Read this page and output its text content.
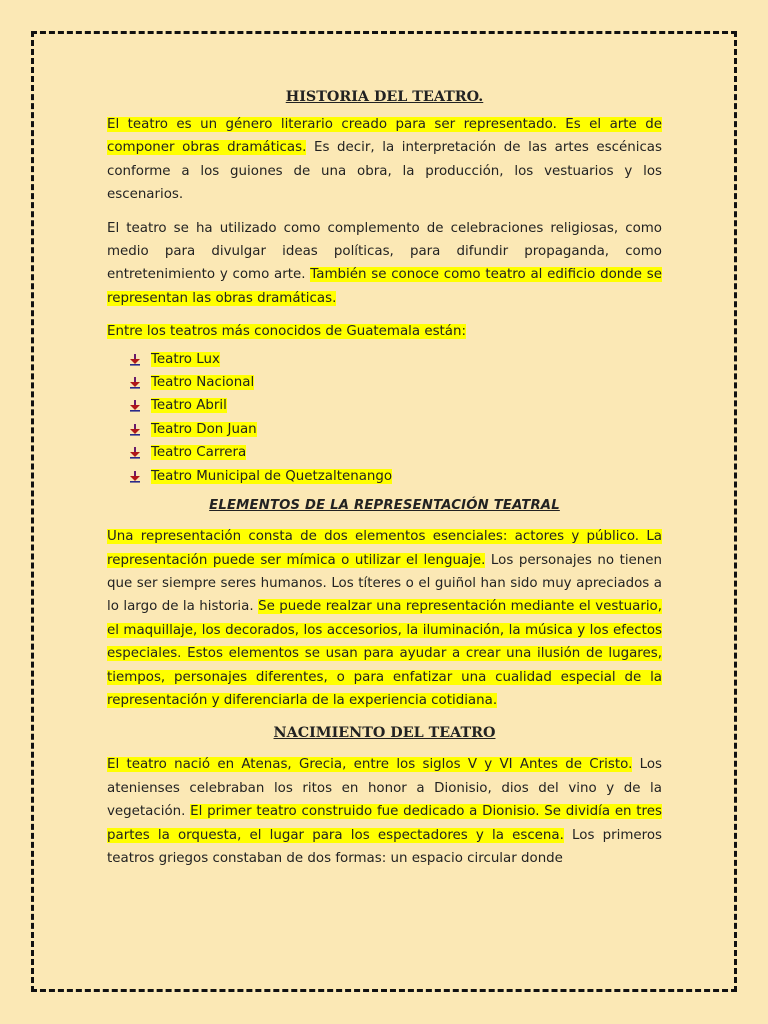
HISTORIA DEL TEATRO.

El teatro es un género literario creado para ser representado. Es el arte de componer obras dramáticas. Es decir, la interpretación de las artes escénicas conforme a los guiones de una obra, la producción, los vestuarios y los escenarios.

El teatro se ha utilizado como complemento de celebraciones religiosas, como medio para divulgar ideas políticas, para difundir propaganda, como entretenimiento y como arte. También se conoce como teatro al edificio donde se representan las obras dramáticas.

Entre los teatros más conocidos de Guatemala están:

Teatro Lux
Teatro Nacional
Teatro Abril
Teatro Don Juan
Teatro Carrera
Teatro Municipal de Quetzaltenango
ELEMENTOS DE LA REPRESENTACIÓN TEATRAL

Una representación consta de dos elementos esenciales: actores y público. La representación puede ser mímica o utilizar el lenguaje. Los personajes no tienen que ser siempre seres humanos. Los títeres o el guiñol han sido muy apreciados a lo largo de la historia. Se puede realzar una representación mediante el vestuario, el maquillaje, los decorados, los accesorios, la iluminación, la música y los efectos especiales. Estos elementos se usan para ayudar a crear una ilusión de lugares, tiempos, personajes diferentes, o para enfatizar una cualidad especial de la representación y diferenciarla de la experiencia cotidiana.

NACIMIENTO DEL TEATRO

El teatro nació en Atenas, Grecia, entre los siglos V y VI Antes de Cristo. Los atenienses celebraban los ritos en honor a Dionisio, dios del vino y de la vegetación. El primer teatro construido fue dedicado a Dionisio. Se dividía en tres partes la orquesta, el lugar para los espectadores y la escena. Los primeros teatros griegos constaban de dos formas: un espacio circular donde
